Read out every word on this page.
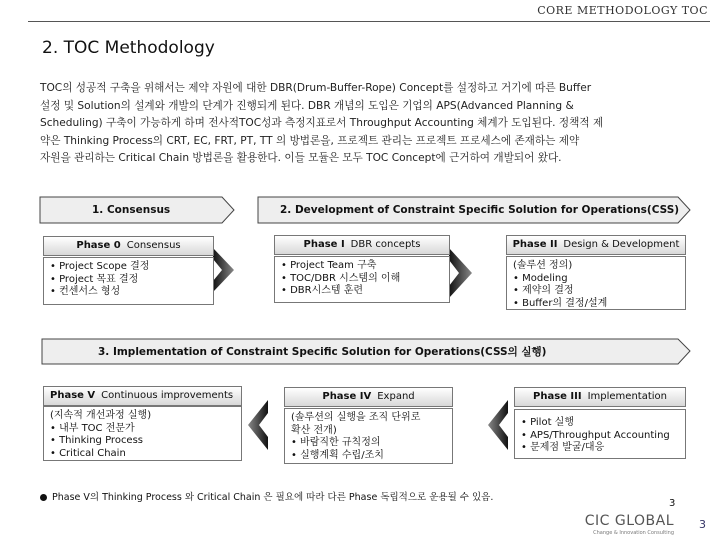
CORE METHODOLOGY TOC
2. TOC Methodology
TOC의 성공적 구축을 위해서는 제약 자원에 대한 DBR(Drum-Buffer-Rope) Concept를 설정하고 거기에 따른 Buffer
설정 및 Solution의 설계와 개발의 단계가 진행되게 된다. DBR 개념의 도입은 기업의 APS(Advanced Planning &
Scheduling) 구축이 가능하게 하며 전사적TOC성과 측정지표로서 Throughput Accounting 체계가 도입된다. 정책적 제
약은 Thinking Process의 CRT, EC, FRT, PT, TT 의 방법론을, 프로젝트 관리는 프로젝트 프로세스에 존재하는 제약
자원을 관리하는 Critical Chain 방법론을 활용한다. 이들 모듈은 모두 TOC Concept에 근거하여 개발되어 왔다.
1. Consensus	2. Development of Constraint Specific Solution for Operations(CSS)
3. Implementation of Constraint Specific Solution for Operations(CSS의 실행)
Phase 0 Consensus
• Project Scope 결정
• Project 목표 결정
• 컨센서스 형성
Phase I DBR concepts
• Project Team 구축
• TOC/DBR 시스템의 이해
• DBR시스템 훈련
Phase II Design & Development
(솔루션 정의)
• Modeling
• 제약의 결정
• Buffer의 결정/설계
Phase V Continuous improvements
(지속적 개선과정 실행)
• 내부 TOC 전문가
• Thinking Process
• Critical Chain
Phase IV Expand
(솔루션의 실행을 조직 단위로
확산 전개)
• 바람직한 규칙정의
• 실행계획 수립/조치
Phase III Implementation
• Pilot 실행
• APS/Throughput Accounting
• 문제점 발굴/대응
Phase V의 Thinking Process 와 Critical Chain 은 필요에 따라 다른 Phase 독립적으로 운용될 수 있음.
3
CIC GLOBAL
Change & Innovation Consulting
3
